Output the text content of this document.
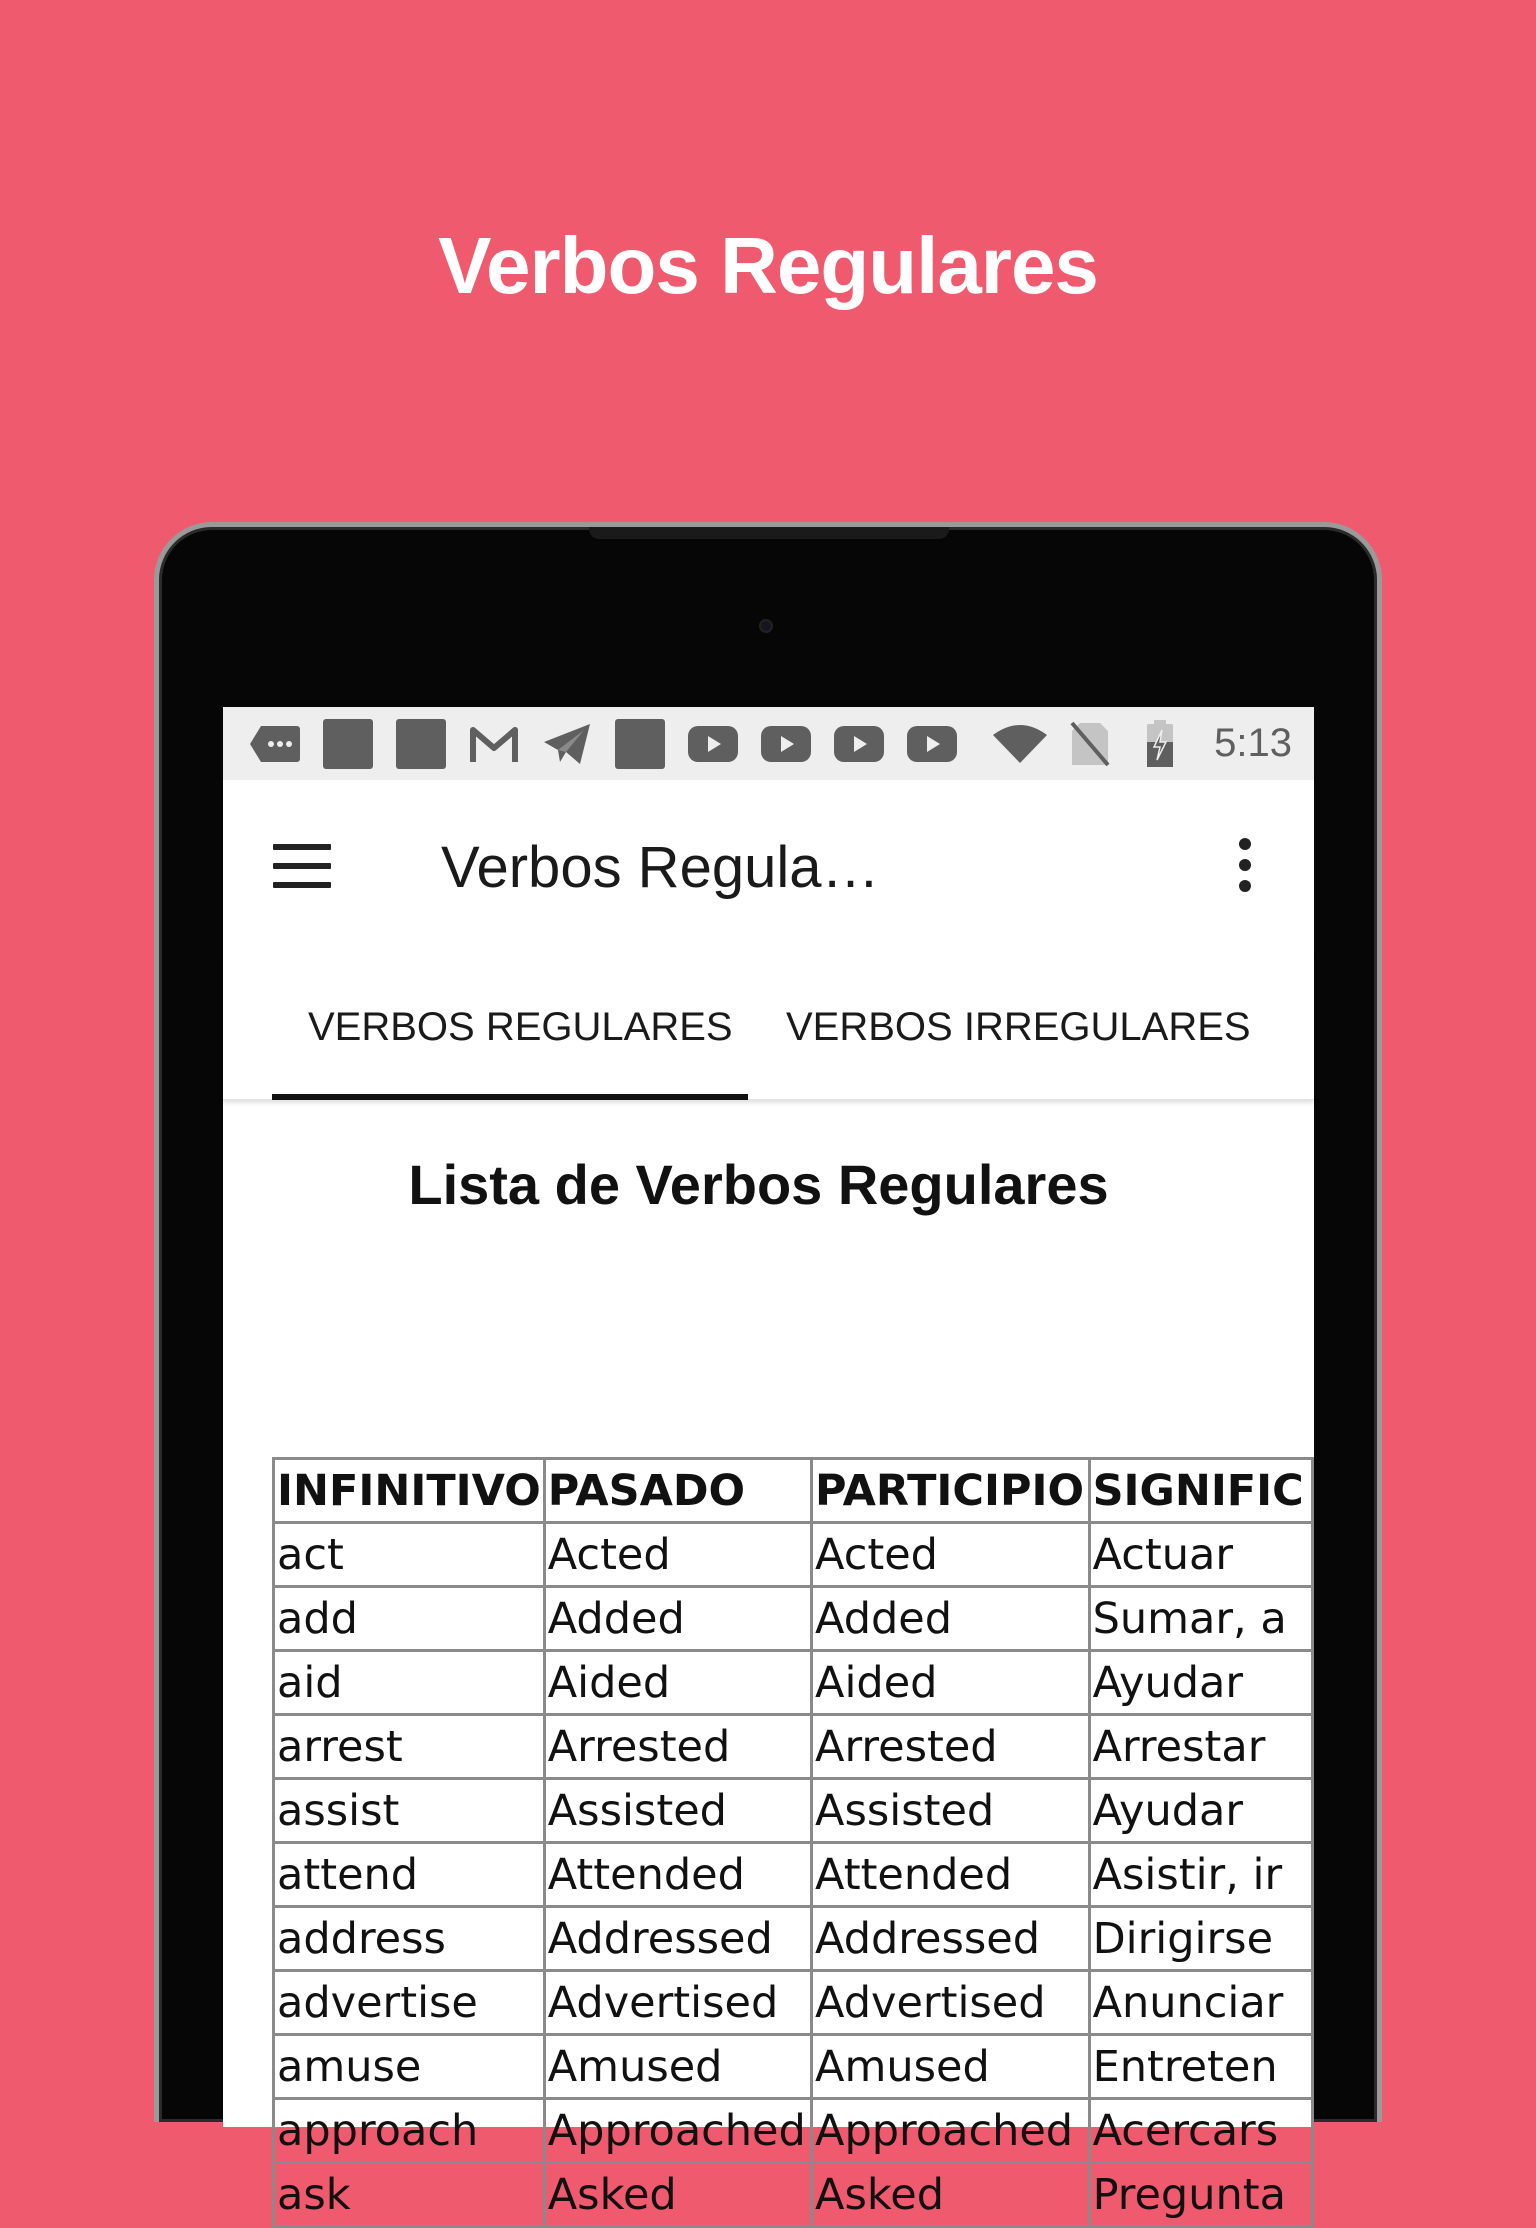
Verbos Regulares
5:13
Verbos Regula…
VERBOS REGULARES VERBOS IRREGULARES
Lista de Verbos Regulares
INFINITIVO	PASADO	PARTICIPIO	SIGNIFIC
act	Acted	Acted	Actuar
add	Added	Added	Sumar, a
aid	Aided	Aided	Ayudar
arrest	Arrested	Arrested	Arrestar
assist	Assisted	Assisted	Ayudar
attend	Attended	Attended	Asistir, ir
address	Addressed	Addressed	Dirigirse
advertise	Advertised	Advertised	Anunciar
amuse	Amused	Amused	Entreten
approach	Approached	Approached	Acercars
ask	Asked	Asked	Pregunta
